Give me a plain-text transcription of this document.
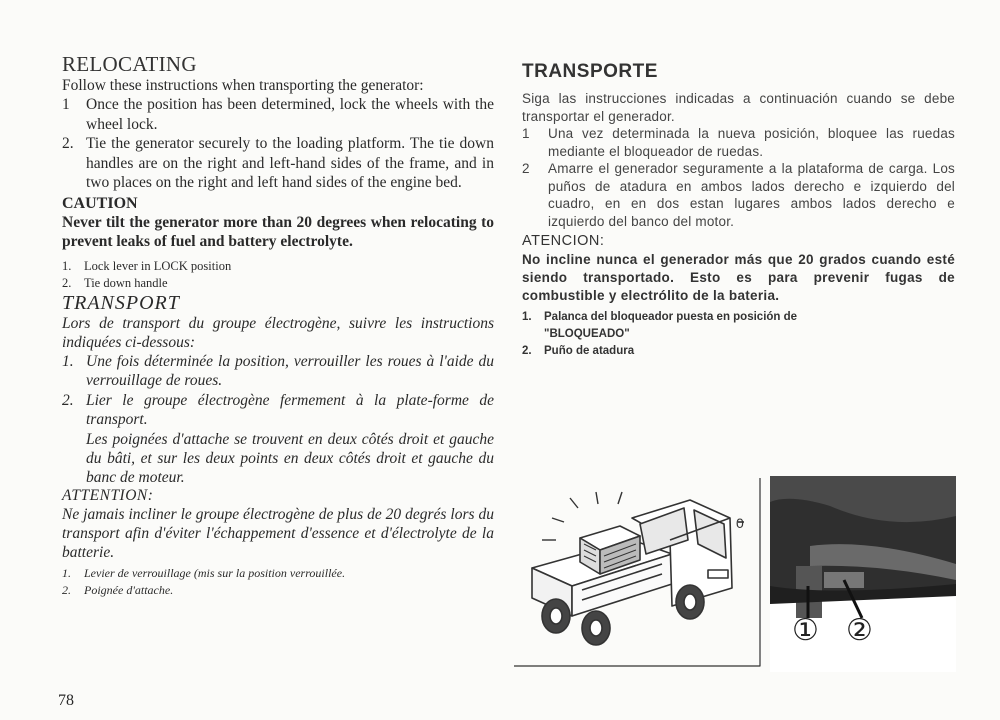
RELOCATING
Follow these instructions when transporting the generator:
1	Once the position has been determined, lock the wheels with the wheel lock.
2. Tie the generator securely to the loading platform. The tie down handles are on the right and left-hand sides of the frame, and in two places on the right and left hand sides of the engine bed.
CAUTION
Never tilt the generator more than 20 degrees when relocating to prevent leaks of fuel and battery electrolyte.
1.	Lock lever in LOCK position
2.	Tie down handle
TRANSPORT
Lors de transport du groupe électrogène, suivre les instructions indiquées ci-dessous:
1. Une fois déterminée la position, verrouiller les roues à l'aide du verrouillage de roues.
2. Lier le groupe électrogène fermement à la plate-forme de transport.
Les poignées d'attache se trouvent en deux côtés droit et gauche du bâti, et sur les deux points en deux côtés droit et gauche du banc de moteur.
ATTENTION:
Ne jamais incliner le groupe électrogène de plus de 20 degrés lors du transport afin d'éviter l'échappement d'essence et d'électrolyte de la batterie.
1.	Levier de verrouillage (mis sur la position verrouillée.
2.	Poignée d'attache.
78
TRANSPORTE
Siga las instrucciones indicadas a continuación cuando se debe transportar el generador.
1	Una vez determinada la nueva posición, bloquee las ruedas mediante el bloqueador de ruedas.
2	Amarre el generador seguramente a la plataforma de carga. Los puños de atadura en ambos lados derecho e izquierdo del cuadro, en en dos estan lugares ambos lados derecho e izquierdo del banco del motor.
ATENCION:
No incline nunca el generador más que 20 grados cuando esté siendo transportado. Esto es para prevenir fugas de combustible y electrólito de la bateria.
1.	Palanca del bloqueador puesta en posición de "BLOQUEADO"
2.	Puño de atadura
0
① ②
